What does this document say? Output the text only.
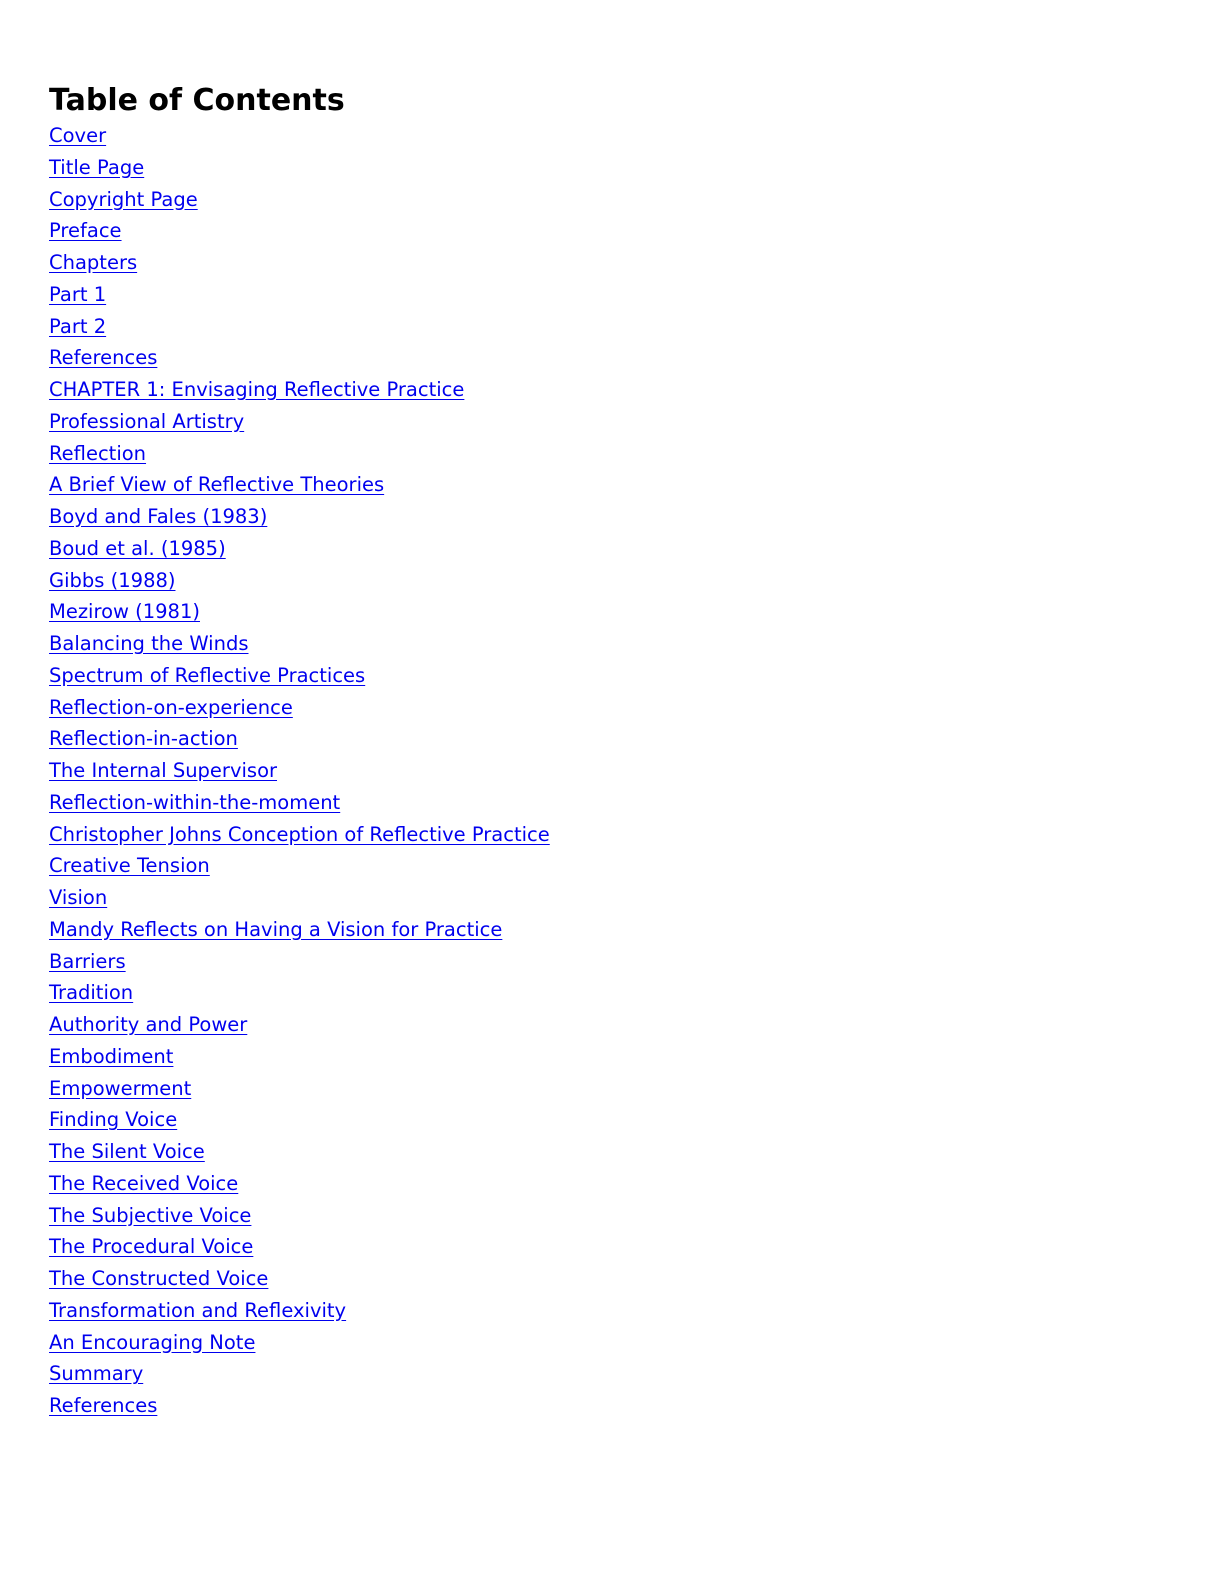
Table of Contents
Cover
Title Page
Copyright Page
Preface
Chapters
Part 1
Part 2
References
CHAPTER 1: Envisaging Reflective Practice
Professional Artistry
Reflection
A Brief View of Reflective Theories
Boyd and Fales (1983)
Boud et al. (1985)
Gibbs (1988)
Mezirow (1981)
Balancing the Winds
Spectrum of Reflective Practices
Reflection-on-experience
Reflection-in-action
The Internal Supervisor
Reflection-within-the-moment
Christopher Johns Conception of Reflective Practice
Creative Tension
Vision
Mandy Reflects on Having a Vision for Practice
Barriers
Tradition
Authority and Power
Embodiment
Empowerment
Finding Voice
The Silent Voice
The Received Voice
The Subjective Voice
The Procedural Voice
The Constructed Voice
Transformation and Reflexivity
An Encouraging Note
Summary
References
